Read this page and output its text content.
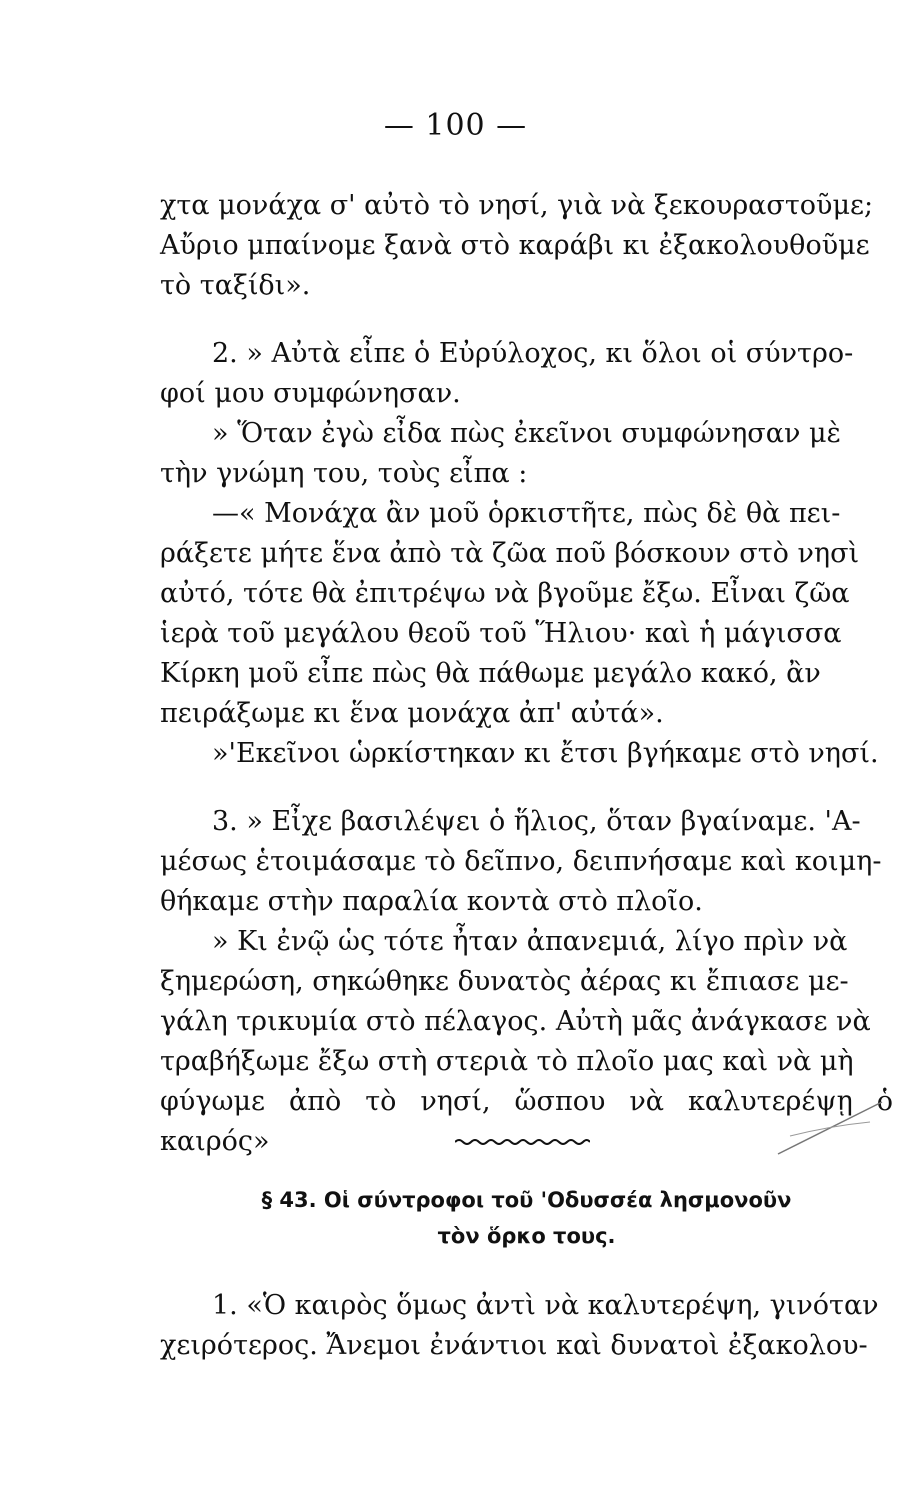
— 100 —

χτα μονάχα σ' αὐτὸ τὸ νησί, γιὰ νὰ ξεκουραστοῦμε;

Αὔριο μπαίνομε ξανὰ στὸ καράβι κι ἐξακολουθοῦμε

τὸ ταξίδι».

2. » Αὐτὰ εἶπε ὁ Εὐρύλοχος, κι ὅλοι οἱ σύντρο-

φοί μου συμφώνησαν.

» Ὅταν ἐγὼ εἶδα πὼς ἐκεῖνοι συμφώνησαν μὲ

τὴν γνώμη του, τοὺς εἶπα :

—« Μονάχα ἂν μοῦ ὁρκιστῆτε, πὼς δὲ θὰ πει-

ράξετε μήτε ἕνα ἀπὸ τὰ ζῶα ποῦ βόσκουν στὸ νησὶ

αὐτό, τότε θὰ ἐπιτρέψω νὰ βγοῦμε ἔξω. Εἶναι ζῶα

ἱερὰ τοῦ μεγάλου θεοῦ τοῦ Ἥλιου· καὶ ἡ μάγισσα

Κίρκη μοῦ εἶπε πὼς θὰ πάθωμε μεγάλο κακό, ἂν

πειράξωμε κι ἕνα μονάχα ἀπ' αὐτά».

»'Εκεῖνοι ὡρκίστηκαν κι ἔτσι βγήκαμε στὸ νησί.

3. » Εἶχε βασιλέψει ὁ ἥλιος, ὅταν βγαίναμε. 'Α-

μέσως ἑτοιμάσαμε τὸ δεῖπνο, δειπνήσαμε καὶ κοιμη-

θήκαμε στὴν παραλία κοντὰ στὸ πλοῖο.

» Κι ἐνῷ ὡς τότε ἦταν ἀπανεμιά, λίγο πρὶν νὰ

ξημερώση, σηκώθηκε δυνατὸς ἀέρας κι ἔπιασε με-

γάλη τρικυμία στὸ πέλαγος. Αὐτὴ μᾶς ἀνάγκασε νὰ

τραβήξωμε ἔξω στὴ στεριὰ τὸ πλοῖο μας καὶ νὰ μὴ

φύγωμε ἀπὸ τὸ νησί, ὥσπου νὰ καλυτερέψῃ ὁ καιρός»

§ 43. Οἱ σύντροφοι τοῦ 'Οδυσσέα λησμονοῦν
τὸν ὅρκο τους.

1. «Ὁ καιρὸς ὅμως ἀντὶ νὰ καλυτερέψη, γινόταν

χειρότερος. Ἄνεμοι ἐνάντιοι καὶ δυνατοὶ ἐξακολου-
